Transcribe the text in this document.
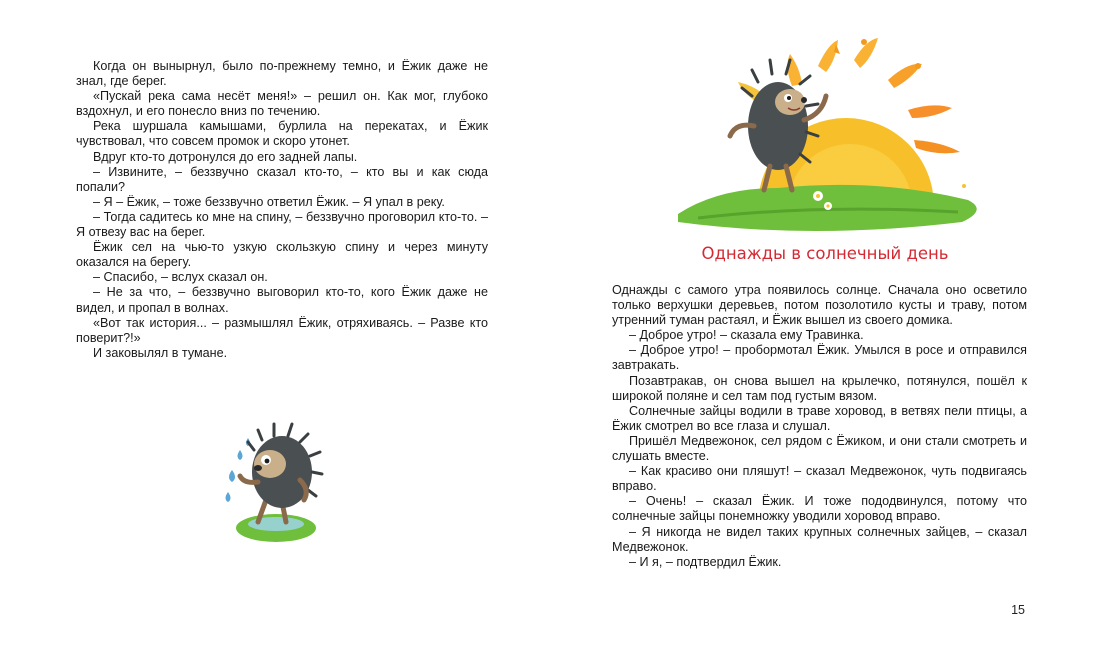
Когда он вынырнул, было по-прежнему темно, и Ёжик даже не знал, где берег.

«Пускай река сама несёт меня!» – решил он. Как мог, глубоко вздохнул, и его понесло вниз по течению.

Река шуршала камышами, бурлила на перекатах, и Ёжик чувствовал, что совсем промок и скоро утонет.

Вдруг кто-то дотронулся до его задней лапы.

– Извините, – беззвучно сказал кто-то, – кто вы и как сюда попали?

– Я – Ёжик, – тоже беззвучно ответил Ёжик. – Я упал в реку.

– Тогда садитесь ко мне на спину, – беззвучно проговорил кто-то. – Я отвезу вас на берег.

Ёжик сел на чью-то узкую скользкую спину и через минуту оказался на берегу.

– Спасибо, – вслух сказал он.

– Не за что, – беззвучно выговорил кто-то, кого Ёжик даже не видел, и пропал в волнах.

«Вот так история... – размышлял Ёжик, отряхиваясь. – Разве кто поверит?!»

И заковылял в тумане.

Однажды в солнечный день

Однажды с самого утра появилось солнце. Сначала оно осветило только верхушки деревьев, потом позолотило кусты и траву, потом утренний туман растаял, и Ёжик вышел из своего домика.

– Доброе утро! – сказала ему Травинка.

– Доброе утро! – пробормотал Ёжик. Умылся в росе и отправился завтракать.

Позавтракав, он снова вышел на крылечко, потянулся, пошёл к широкой поляне и сел там под густым вязом.

Солнечные зайцы водили в траве хоровод, в ветвях пели птицы, а Ёжик смотрел во все глаза и слушал.

Пришёл Медвежонок, сел рядом с Ёжиком, и они стали смотреть и слушать вместе.

– Как красиво они пляшут! – сказал Медвежонок, чуть подвигаясь вправо.

– Очень! – сказал Ёжик. И тоже пододвинулся, потому что солнечные зайцы понемножку уводили хоровод вправо.

– Я никогда не видел таких крупных солнечных зайцев, – сказал Медвежонок.

– И я, – подтвердил Ёжик.

15
